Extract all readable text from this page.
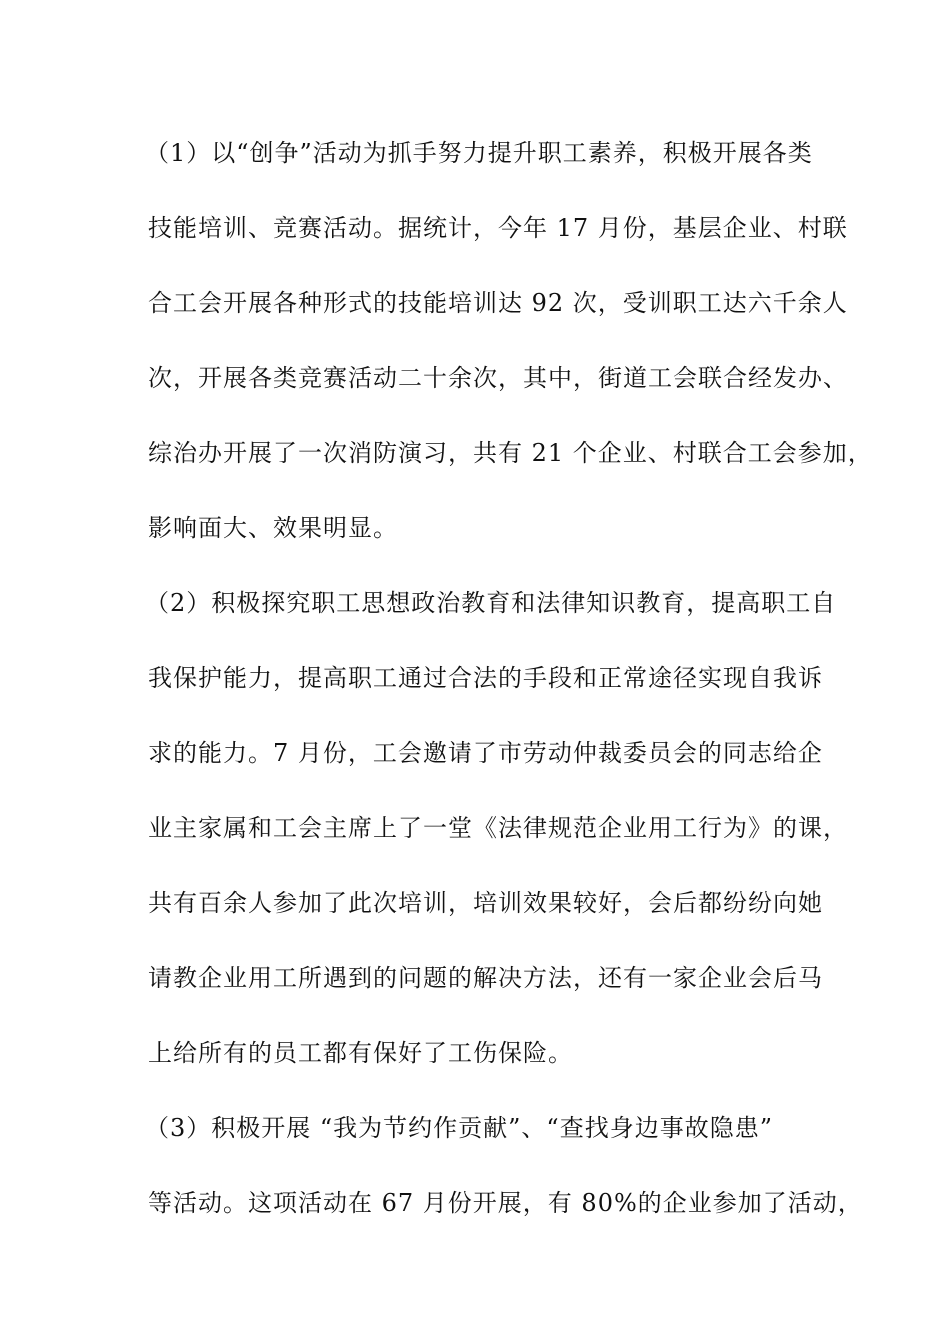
（1）以“创争”活动为抓手努力提升职工素养，积极开展各类
技能培训、竞赛活动。据统计，今年 17 月份，基层企业、村联
合工会开展各种形式的技能培训达 92 次，受训职工达六千余人
次，开展各类竞赛活动二十余次，其中，街道工会联合经发办、
综治办开展了一次消防演习，共有 21 个企业、村联合工会参加，
影响面大、效果明显。
（2）积极探究职工思想政治教育和法律知识教育，提高职工自
我保护能力，提高职工通过合法的手段和正常途径实现自我诉
求的能力。7 月份，工会邀请了市劳动仲裁委员会的同志给企
业主家属和工会主席上了一堂《法律规范企业用工行为》的课，
共有百余人参加了此次培训，培训效果较好，会后都纷纷向她
请教企业用工所遇到的问题的解决方法，还有一家企业会后马
上给所有的员工都有保好了工伤保险。
（3）积极开展 “我为节约作贡献”、“查找身边事故隐患”
等活动。这项活动在 67 月份开展，有 80%的企业参加了活动，
